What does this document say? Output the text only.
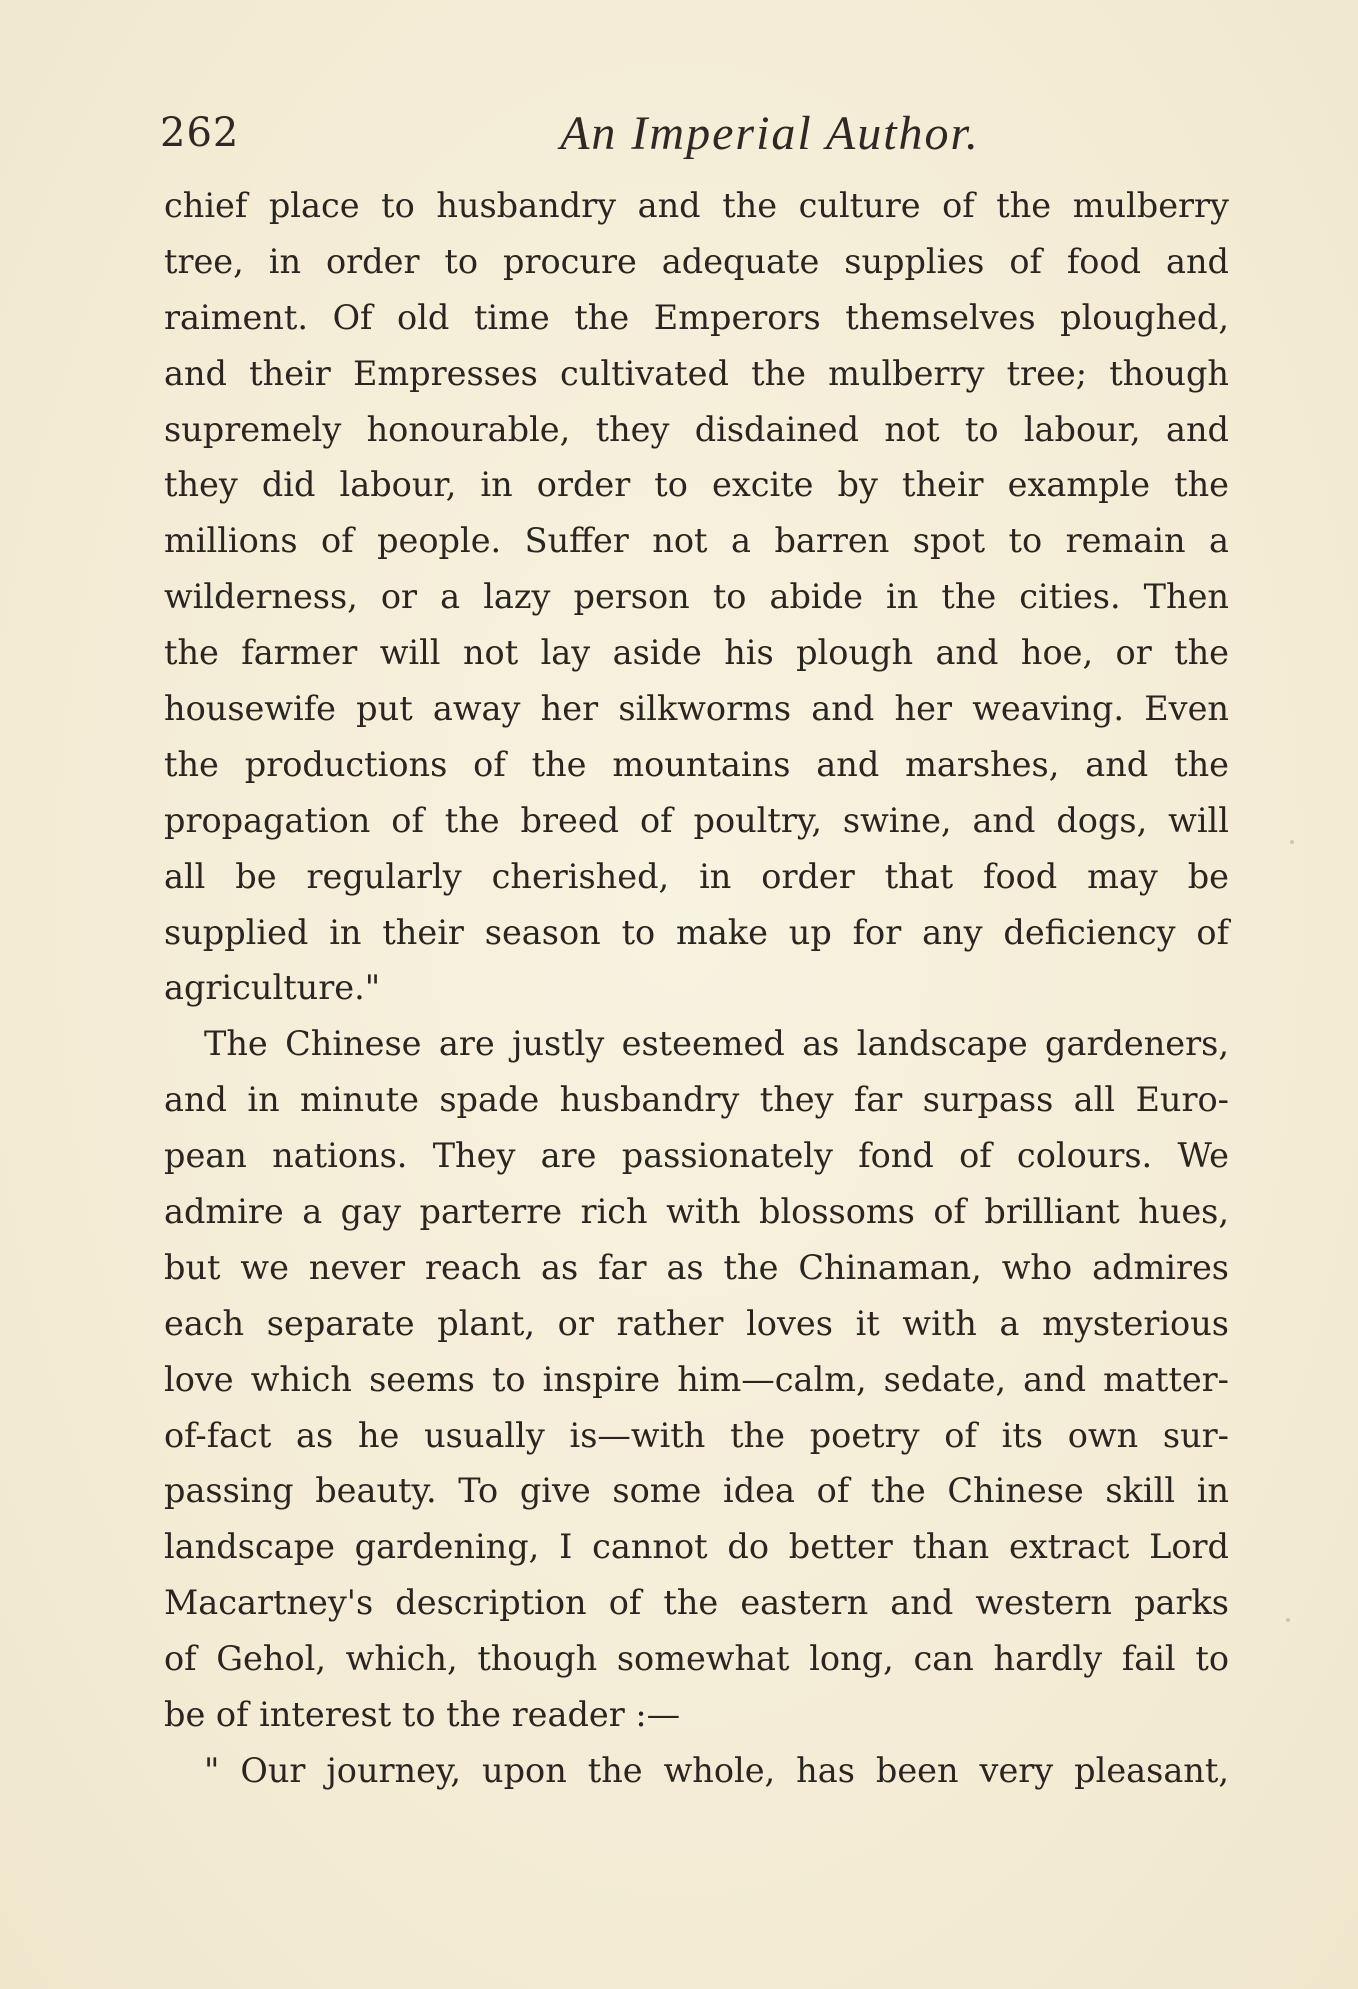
262	An Imperial Author.
chief place to husbandry and the culture of the mulberry
tree, in order to procure adequate supplies of food and
raiment. Of old time the Emperors themselves ploughed,
and their Empresses cultivated the mulberry tree; though
supremely honourable, they disdained not to labour, and
they did labour, in order to excite by their example the
millions of people. Suffer not a barren spot to remain a
wilderness, or a lazy person to abide in the cities. Then
the farmer will not lay aside his plough and hoe, or the
housewife put away her silkworms and her weaving. Even
the productions of the mountains and marshes, and the
propagation of the breed of poultry, swine, and dogs, will
all be regularly cherished, in order that food may be
supplied in their season to make up for any deficiency of
agriculture."
The Chinese are justly esteemed as landscape gardeners,
and in minute spade husbandry they far surpass all Euro-
pean nations. They are passionately fond of colours. We
admire a gay parterre rich with blossoms of brilliant hues,
but we never reach as far as the Chinaman, who admires
each separate plant, or rather loves it with a mysterious
love which seems to inspire him—calm, sedate, and matter-
of-fact as he usually is—with the poetry of its own sur-
passing beauty. To give some idea of the Chinese skill in
landscape gardening, I cannot do better than extract Lord
Macartney's description of the eastern and western parks
of Gehol, which, though somewhat long, can hardly fail to
be of interest to the reader :—
" Our journey, upon the whole, has been very pleasant,
